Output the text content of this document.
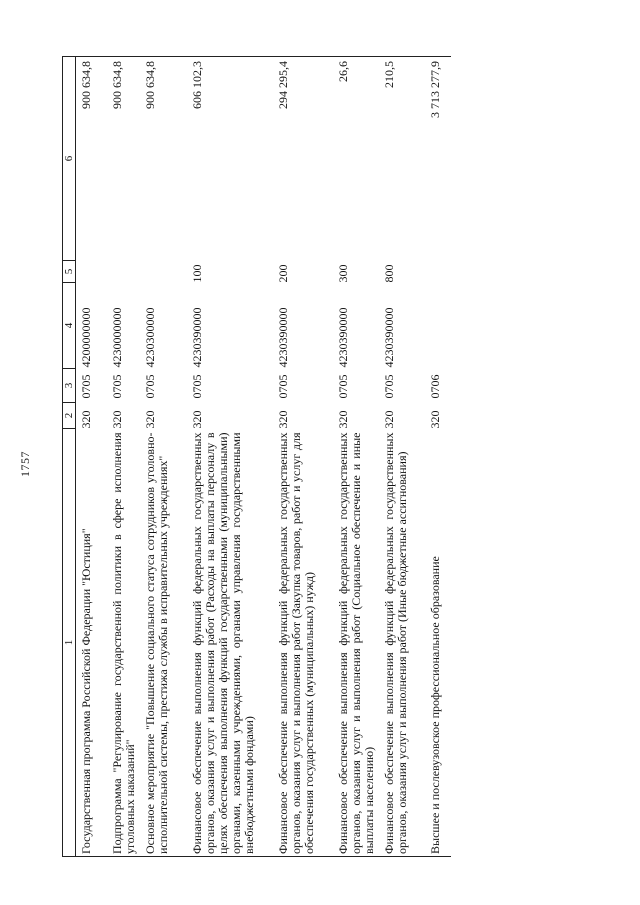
1757
1	2	3	4	5	6
Государственная программа Российской Федерации "Юстиция"	320	0705	4200000000		900 634,8
Подпрограмма "Регулирование государственной политики в сфере исполнения уголовных наказаний"	320	0705	4230000000		900 634,8
Основное мероприятие "Повышение социального статуса сотрудников уголовно-исполнительной системы, престижа службы в исправительных учреждениях"	320	0705	4230300000		900 634,8
Финансовое обеспечение выполнения функций федеральных государственных органов, оказания услуг и выполнения работ (Расходы на выплаты персоналу в целях обеспечения выполнения функций государственными (муниципальными) органами, казенными учреждениями, органами управления государственными внебюджетными фондами)	320	0705	4230390000	100	606 102,3
Финансовое обеспечение выполнения функций федеральных государственных органов, оказания услуг и выполнения работ (Закупка товаров, работ и услуг для обеспечения государственных (муниципальных) нужд)	320	0705	4230390000	200	294 295,4
Финансовое обеспечение выполнения функций федеральных государственных органов, оказания услуг и выполнения работ (Социальное обеспечение и иные выплаты населению)	320	0705	4230390000	300	26,6
Финансовое обеспечение выполнения функций федеральных государственных органов, оказания услуг и выполнения работ (Иные бюджетные ассигнования)	320	0705	4230390000	800	210,5
Высшее и послевузовское профессиональное образование	320	0706			3 713 277,9
